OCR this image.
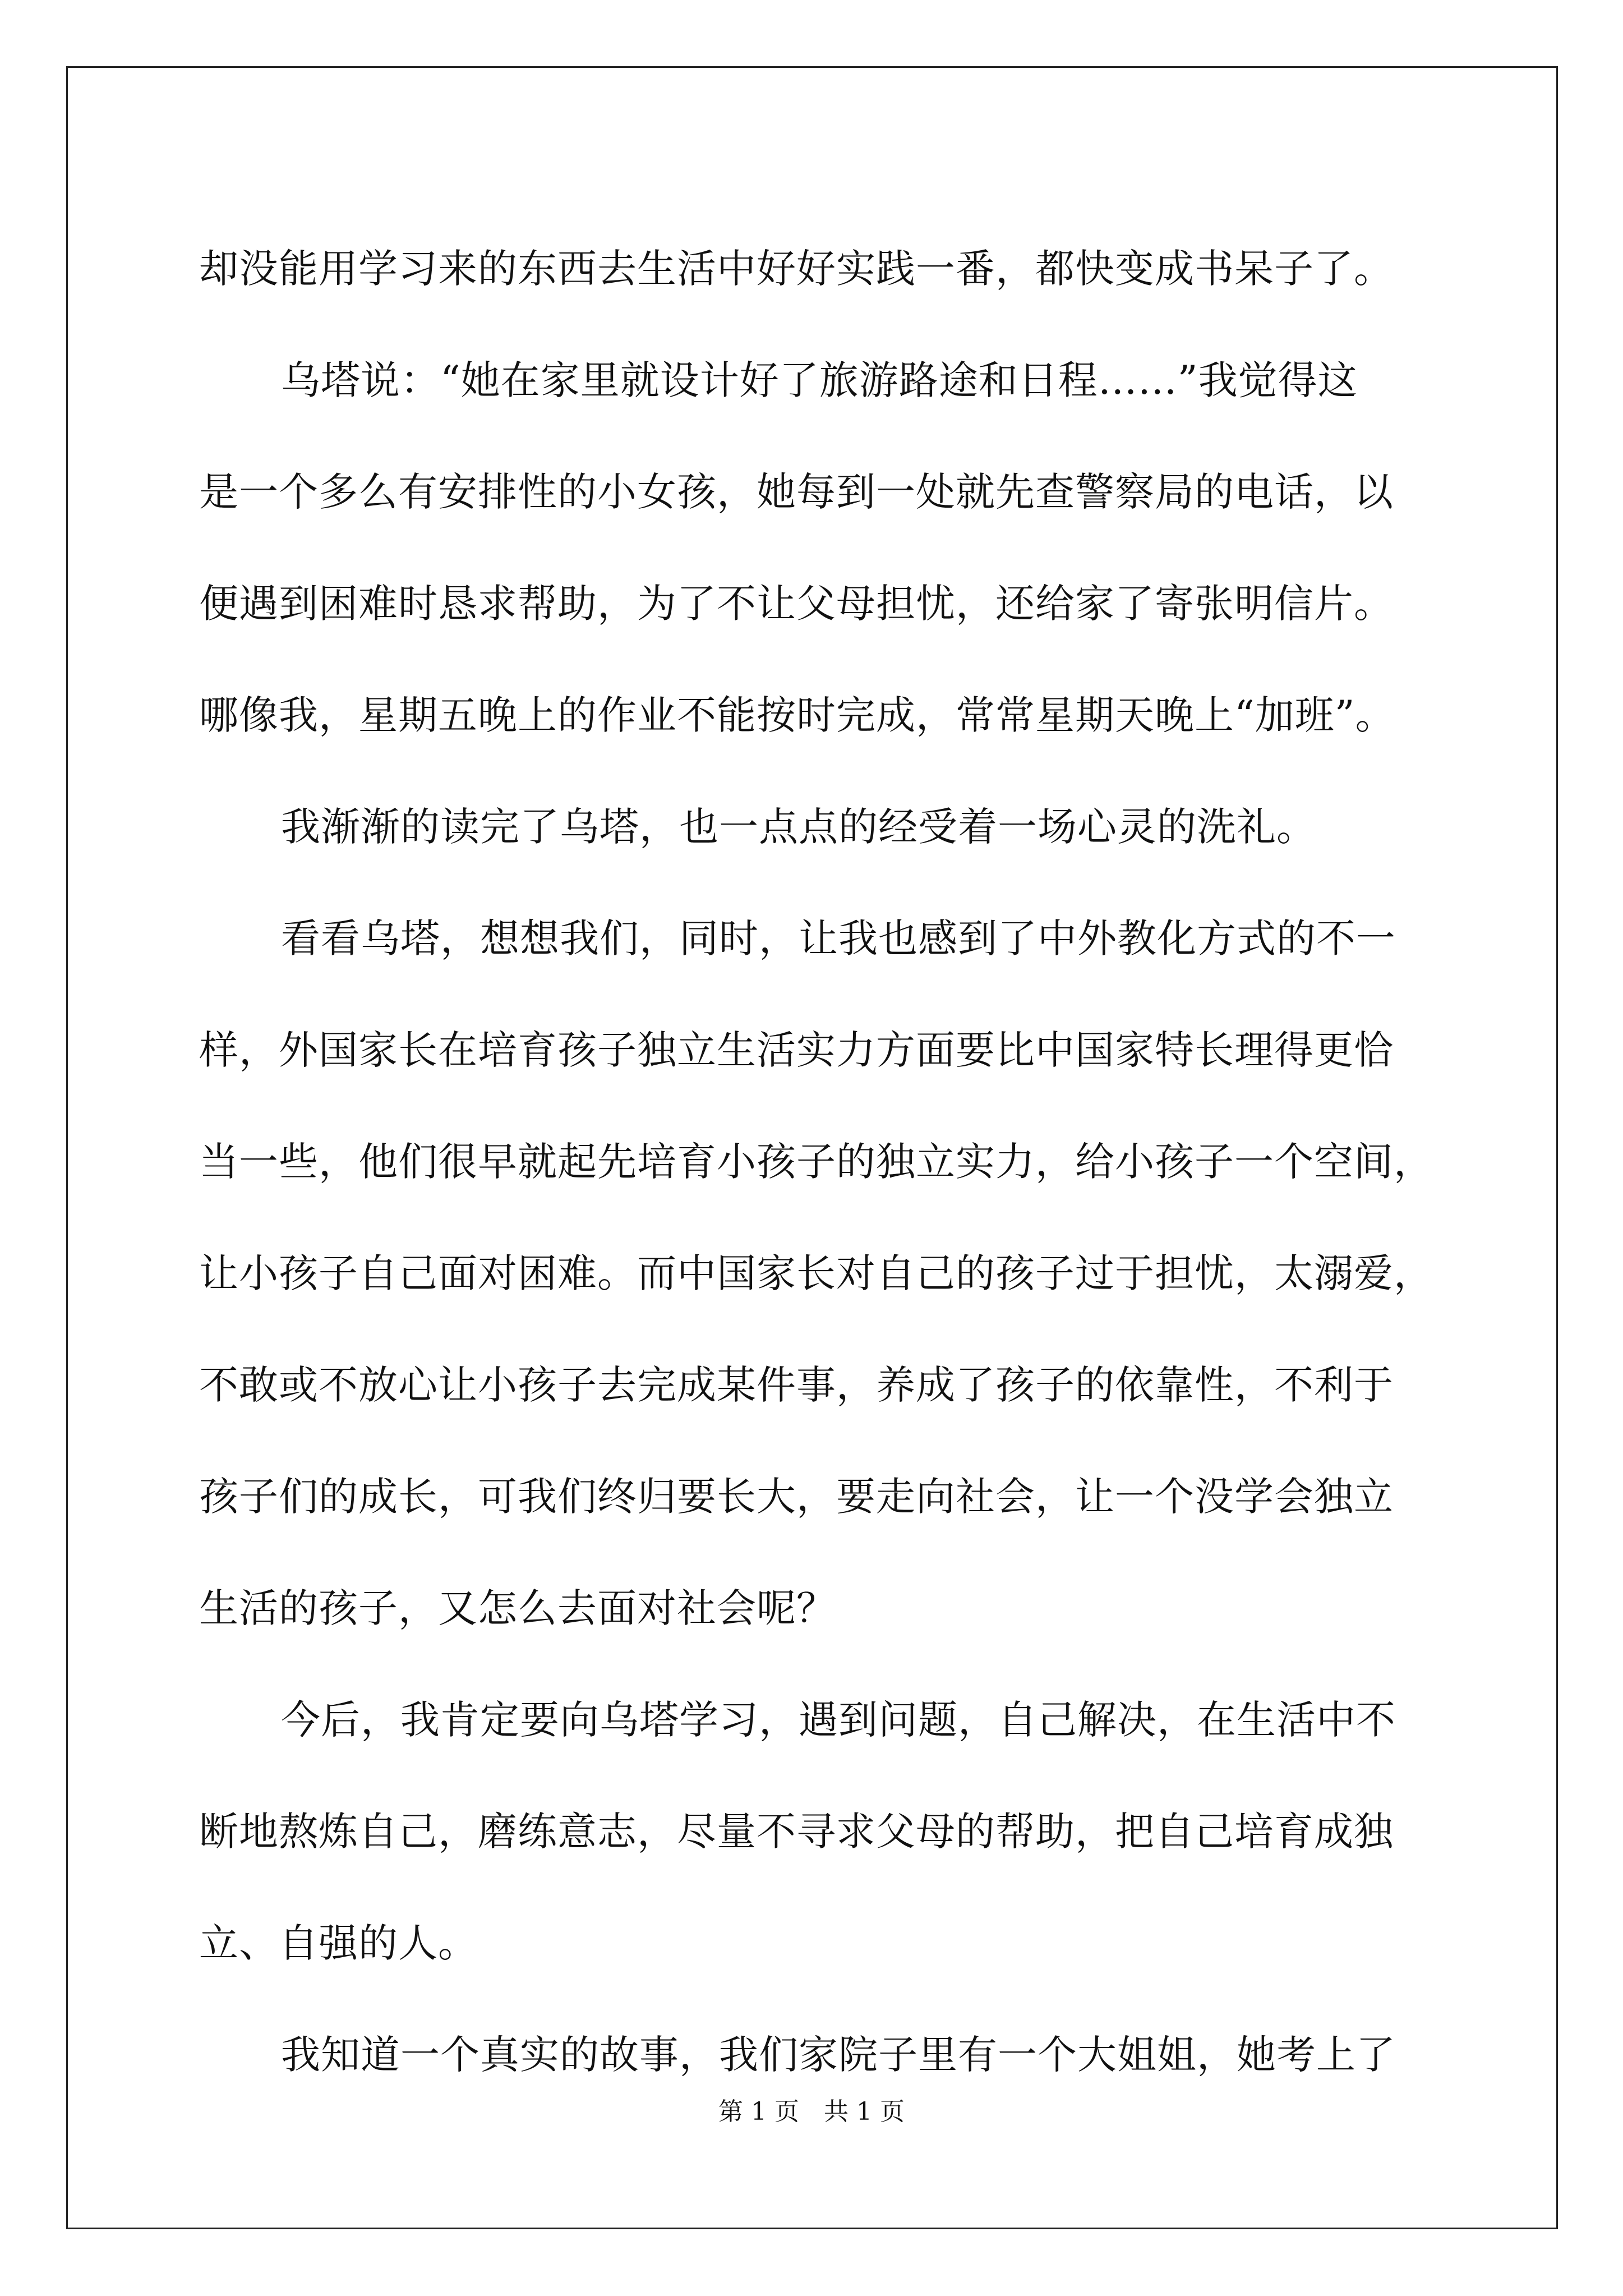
却没能用学习来的东西去生活中好好实践一番，都快变成书呆子了。
乌塔说：“她在家里就设计好了旅游路途和日程……”我觉得这
是一个多么有安排性的小女孩，她每到一处就先查警察局的电话，以
便遇到困难时恳求帮助，为了不让父母担忧，还给家了寄张明信片。
哪像我，星期五晚上的作业不能按时完成，常常星期天晚上“加班”。
我渐渐的读完了乌塔，也一点点的经受着一场心灵的洗礼。
看看乌塔，想想我们，同时，让我也感到了中外教化方式的不一
样，外国家长在培育孩子独立生活实力方面要比中国家特长理得更恰
当一些，他们很早就起先培育小孩子的独立实力，给小孩子一个空间，
让小孩子自己面对困难。而中国家长对自己的孩子过于担忧，太溺爱，
不敢或不放心让小孩子去完成某件事，养成了孩子的依靠性，不利于
孩子们的成长，可我们终归要长大，要走向社会，让一个没学会独立
生活的孩子，又怎么去面对社会呢？
今后，我肯定要向乌塔学习，遇到问题，自己解决，在生活中不
断地熬炼自己，磨练意志，尽量不寻求父母的帮助，把自己培育成独
立、自强的人。
我知道一个真实的故事，我们家院子里有一个大姐姐，她考上了
第 1 页　共 1 页
